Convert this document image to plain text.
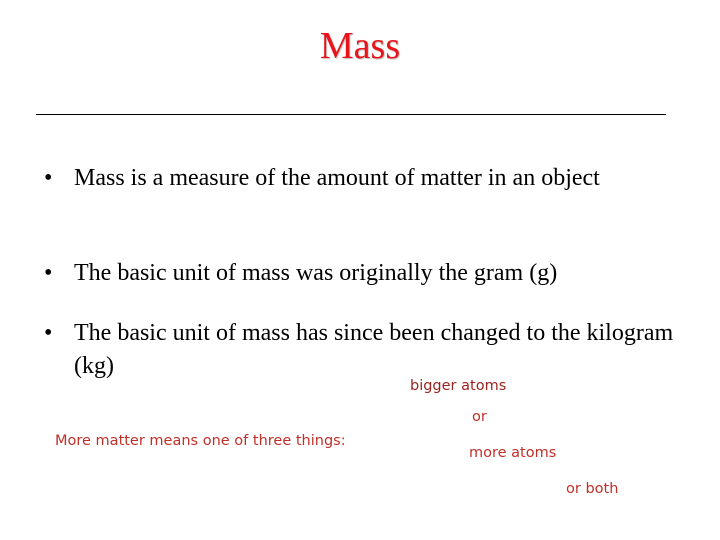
Mass
• Mass is a measure of the amount of matter in an object
• The basic unit of mass was originally the gram (g)
• The basic unit of mass has since been changed to the kilogram (kg)
bigger atoms
or
More matter means one of three things:
more atoms
or both
